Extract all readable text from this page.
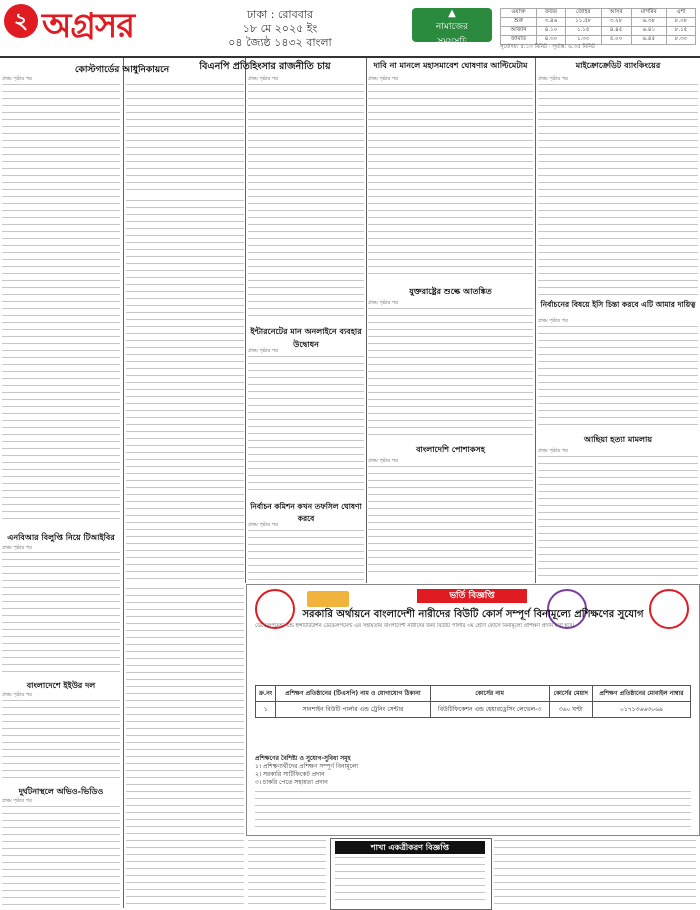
২ অগ্রসর	ঢাকা : রোববার
১৮ মে ২০২৫ ইং
০৪ জ্যৈষ্ঠ ১৪৩২ বাংলা
▲
নামাজের
সময়সূচি
ওয়াক্ত	ফজর	জোহর	আসর	মাগরিব	এশা
শুরু	৩.৪৬	১১.৫৮	৩.২৮	৬.৩৮	৮.০৮
আজান	৪.১০	১.১৫	৪.৪৫	৬.৪১	৮.১৫
জামাত	৪.৩০	১.৩০	৫.০০	৬.৪৫	৮.৩০
সূর্যোদয়: ৫.১৩ মিনিট · সূর্যাস্ত: ৬.৩৫ মিনিট
কোস্টগার্ডের আধুনিকায়নে
প্রথম পৃষ্ঠার পর
এনবিআর বিলুপ্তি নিয়ে টিআইবির
প্রথম পৃষ্ঠার পর
বাংলাদেশে ইইউর দল
প্রথম পৃষ্ঠার পর
দুর্ঘটনাস্থলে অভিও-ভিডিও
প্রথম পৃষ্ঠার পর
বিএনপি প্রতিহিংসার রাজনীতি চায়
প্রথম পৃষ্ঠার পর
ইন্টারনেটের মান অনলাইনে ব্যবহার উদ্বোধন
প্রথম পৃষ্ঠার পর
নির্বাচন কমিশন কখন তফসিল ঘোষণা করবে
প্রথম পৃষ্ঠার পর
দাবি না মানলে মহাসমাবেশ ঘোষণার আল্টিমেটাম
প্রথম পৃষ্ঠার পর
যুক্তরাষ্ট্রের শুল্কে আতঙ্কিত
প্রথম পৃষ্ঠার পর
বাংলাদেশি পোশাকসহ
প্রথম পৃষ্ঠার পর
মাইক্রোক্রেডিট ব্যাংকিংয়ের
প্রথম পৃষ্ঠার পর
নির্বাচনের বিষয়ে ইসি চিন্তা করবে এটি আমার দায়িত্ব
প্রথম পৃষ্ঠার পর
আছিয়া হত্যা মামলায়
প্রথম পৃষ্ঠার পর
ভর্তি বিজ্ঞপ্তি
সরকারি অর্থায়নে বাংলাদেশী নারীদের বিউটি কোর্স সম্পূর্ণ বিনামূল্যে প্রশিক্ষণের সুযোগ
ডেভেলপমেন্ট এন্ড ইন্সটিটিউশন ডেভেলপমেন্ট এর সহায়তায় বাংলাদেশী নারীদের জন্য বিউটি পার্লার ৩য় শ্রেণি কোর্সে বিনামূল্যে প্রশিক্ষণ প্রদান করা হবে।
ক্র.নং	প্রশিক্ষণ প্রতিষ্ঠানের (টিএসপি) নাম ও যোগাযোগ ঠিকানা	কোর্সের নাম	কোর্সের মেয়াদ	প্রশিক্ষণ প্রতিষ্ঠানের মোবাইল নাম্বার
১	সানশাইন বিউটি পার্লার এন্ড ট্রেনিং সেন্টার	বিউটিফিকেশন এন্ড হেয়ারড্রেসিং লেভেল-৩	৩৬০ ঘণ্টা	০১৭১৩৬৬৩০৬৯
প্রশিক্ষণের বৈশিষ্ট্য ও সুযোগ-সুবিধা সমূহ
১। প্রশিক্ষণার্থীদের প্রশিক্ষণ সম্পূর্ণ বিনামূল্যে
২। সরকারি সার্টিফিকেট প্রদান
৩। চাকরি পেতে সহায়তা প্রদান
শাখা একত্রীকরণ বিজ্ঞপ্তি
